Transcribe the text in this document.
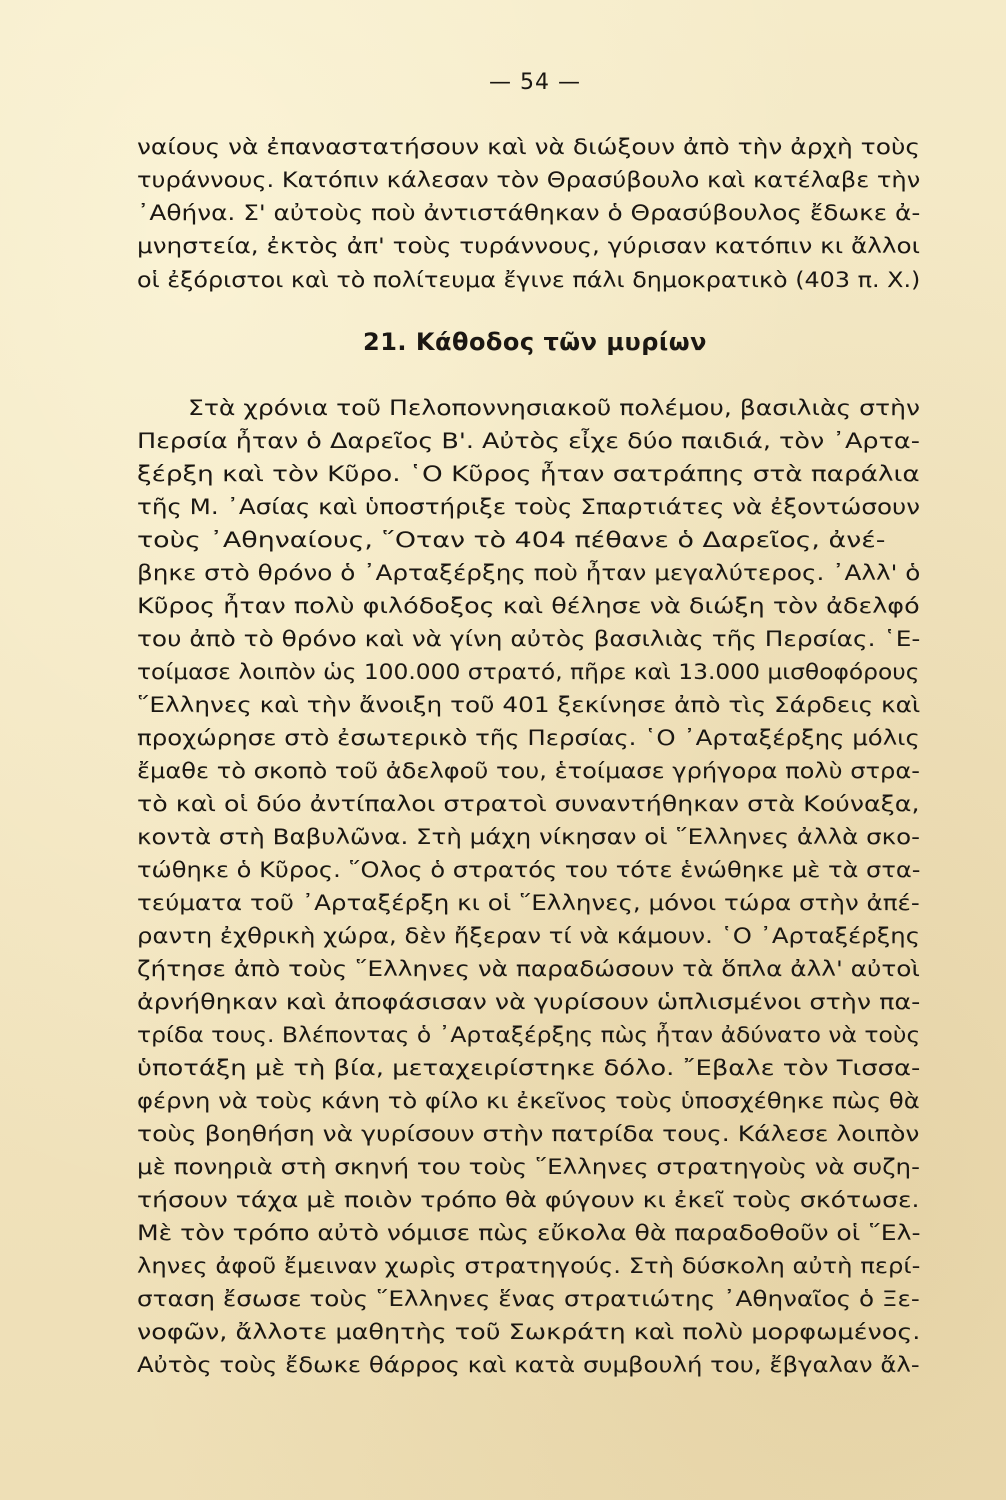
— 54 —
ναίους νὰ ἐπαναστατήσουν καὶ νὰ διώξουν ἀπὸ τὴν ἀρχὴ τοὺς
τυράννους. Κατόπιν κάλεσαν τὸν Θρασύβουλο καὶ κατέλαβε τὴν
᾿Αθήνα. Σ' αὐτοὺς ποὺ ἀντιστάθηκαν ὁ Θρασύβουλος ἔδωκε ἀ-
μνηστεία, ἐκτὸς ἀπ' τοὺς τυράννους, γύρισαν κατόπιν κι ἄλλοι
οἱ ἐξόριστοι καὶ τὸ πολίτευμα ἔγινε πάλι δημοκρατικὸ (403 π. Χ.)
21. Κάθοδος τῶν μυρίων
Στὰ χρόνια τοῦ Πελοποννησιακοῦ πολέμου, βασιλιὰς στὴν
Περσία ἦταν ὁ Δαρεῖος Β'. Αὐτὸς εἶχε δύο παιδιά, τὸν ᾿Αρτα-
ξέρξη καὶ τὸν Κῦρο. ῾Ο Κῦρος ἦταν σατράπης στὰ παράλια
τῆς Μ. ᾿Ασίας καὶ ὑποστήριξε τοὺς Σπαρτιάτες νὰ ἐξοντώσουν
τοὺς ᾿Αθηναίους, ῞Οταν τὸ 404 πέθανε ὁ Δαρεῖος, ἀνέ-
βηκε στὸ θρόνο ὁ ᾿Αρταξέρξης ποὺ ἦταν μεγαλύτερος. ᾿Αλλ' ὁ
Κῦρος ἦταν πολὺ φιλόδοξος καὶ θέλησε νὰ διώξη τὸν ἀδελφό
του ἀπὸ τὸ θρόνο καὶ νὰ γίνη αὐτὸς βασιλιὰς τῆς Περσίας. ῾Ε-
τοίμασε λοιπὸν ὡς 100.000 στρατό, πῆρε καὶ 13.000 μισθοφόρους
῞Ελληνες καὶ τὴν ἄνοιξη τοῦ 401 ξεκίνησε ἀπὸ τὶς Σάρδεις καὶ
προχώρησε στὸ ἐσωτερικὸ τῆς Περσίας. ῾Ο ᾿Αρταξέρξης μόλις
ἔμαθε τὸ σκοπὸ τοῦ ἀδελφοῦ του, ἑτοίμασε γρήγορα πολὺ στρα-
τὸ καὶ οἱ δύο ἀντίπαλοι στρατοὶ συναντήθηκαν στὰ Κούναξα,
κοντὰ στὴ Βαβυλῶνα. Στὴ μάχη νίκησαν οἱ ῞Ελληνες ἀλλὰ σκο-
τώθηκε ὁ Κῦρος. ῞Ολος ὁ στρατός του τότε ἑνώθηκε μὲ τὰ στα-
τεύματα τοῦ ᾿Αρταξέρξη κι οἱ ῞Ελληνες, μόνοι τώρα στὴν ἀπέ-
ραντη ἐχθρικὴ χώρα, δὲν ἤξεραν τί νὰ κάμουν. ῾Ο ᾿Αρταξέρξης
ζήτησε ἀπὸ τοὺς ῞Ελληνες νὰ παραδώσουν τὰ ὅπλα ἀλλ' αὐτοὶ
ἀρνήθηκαν καὶ ἀποφάσισαν νὰ γυρίσουν ὡπλισμένοι στὴν πα-
τρίδα τους. Βλέποντας ὁ ᾿Αρταξέρξης πὼς ἦταν ἀδύνατο νὰ τοὺς
ὑποτάξη μὲ τὴ βία, μεταχειρίστηκε δόλο. ῎Εβαλε τὸν Τισσα-
φέρνη νὰ τοὺς κάνη τὸ φίλο κι ἐκεῖνος τοὺς ὑποσχέθηκε πὼς θὰ
τοὺς βοηθήση νὰ γυρίσουν στὴν πατρίδα τους. Κάλεσε λοιπὸν
μὲ πονηριὰ στὴ σκηνή του τοὺς ῞Ελληνες στρατηγοὺς νὰ συζη-
τήσουν τάχα μὲ ποιὸν τρόπο θὰ φύγουν κι ἐκεῖ τοὺς σκότωσε.
Μὲ τὸν τρόπο αὐτὸ νόμισε πὼς εὔκολα θὰ παραδοθοῦν οἱ ῞Ελ-
ληνες ἀφοῦ ἔμειναν χωρὶς στρατηγούς. Στὴ δύσκολη αὐτὴ περί-
σταση ἔσωσε τοὺς ῞Ελληνες ἕνας στρατιώτης ᾿Αθηναῖος ὁ Ξε-
νοφῶν, ἄλλοτε μαθητὴς τοῦ Σωκράτη καὶ πολὺ μορφωμένος.
Αὐτὸς τοὺς ἔδωκε θάρρος καὶ κατὰ συμβουλή του, ἔβγαλαν ἄλ-
